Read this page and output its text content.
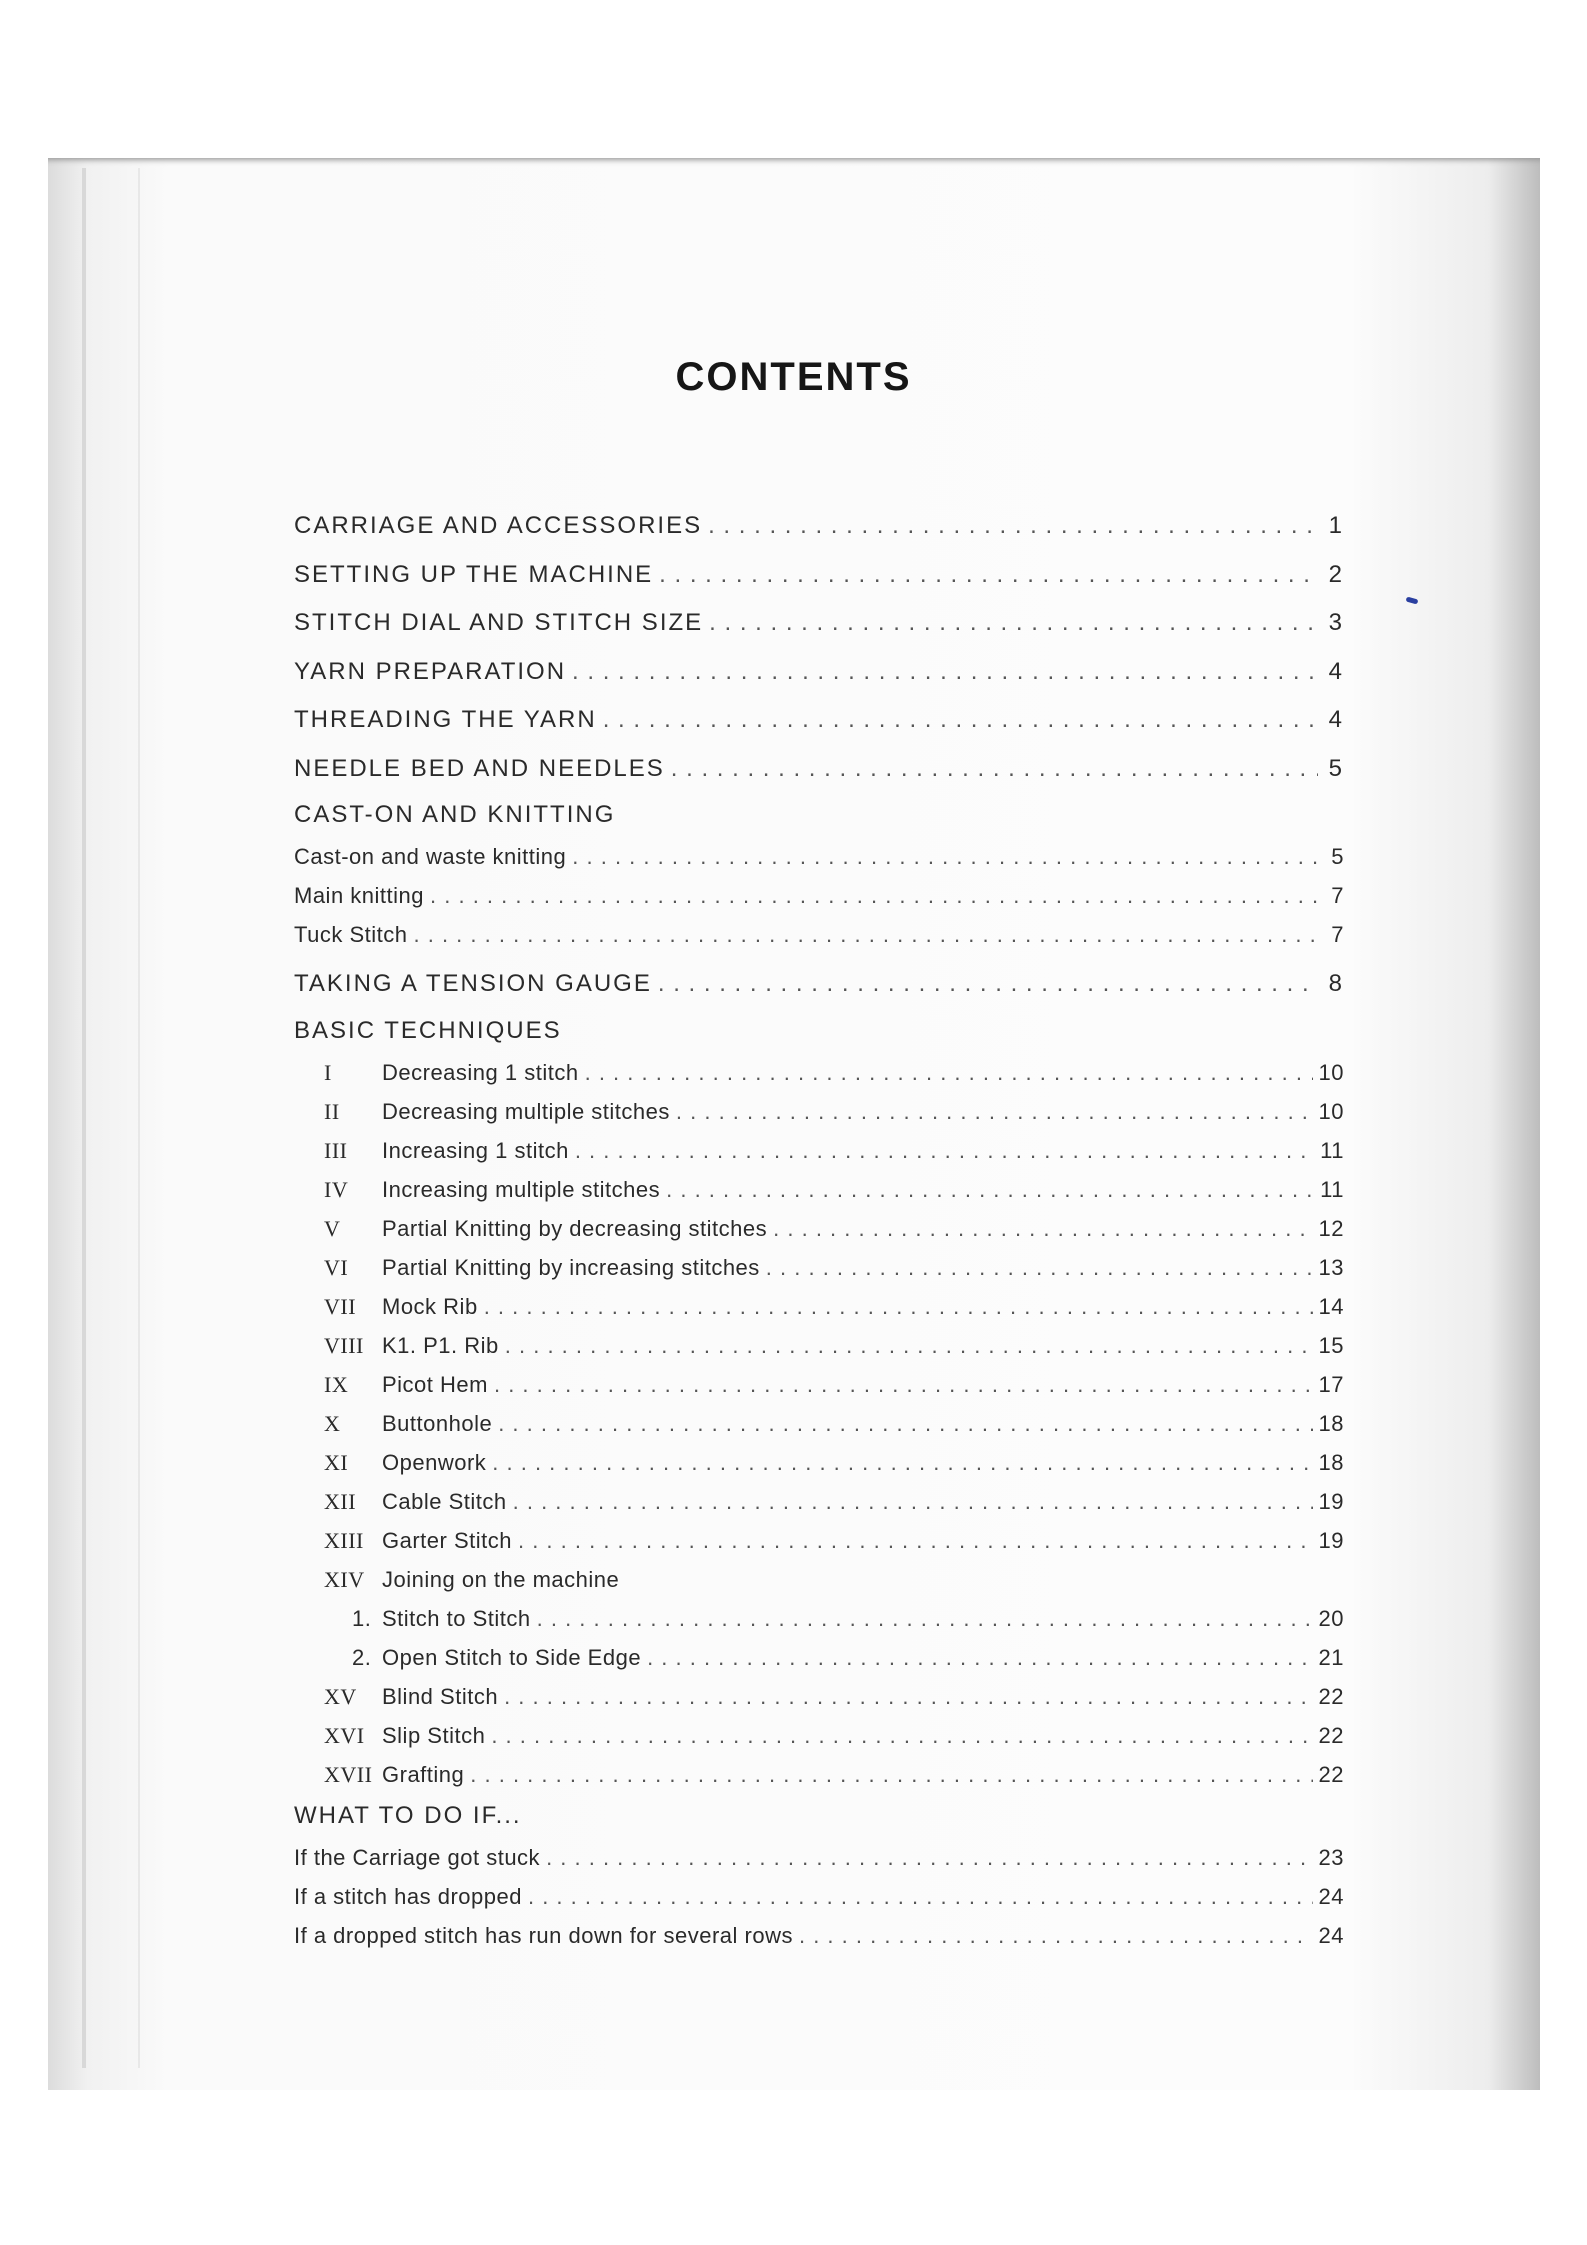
CONTENTS
CARRIAGE AND ACCESSORIES . . .	1
SETTING UP THE MACHINE . . .	2
STITCH DIAL AND STITCH SIZE . . .	3
YARN PREPARATION . . .	4
THREADING THE YARN . . .	4
NEEDLE BED AND NEEDLES . . .	5
CAST-ON AND KNITTING
Cast-on and waste knitting . . .	5
Main knitting . . .	7
Tuck Stitch . . .	7
TAKING A TENSION GAUGE . . .	8
BASIC TECHNIQUES
I Decreasing 1 stitch . . .	10
II Decreasing multiple stitches . . .	10
III Increasing 1 stitch . . .	11
IV Increasing multiple stitches . . .	11
V Partial Knitting by decreasing stitches . . .	12
VI Partial Knitting by increasing stitches . . .	13
VII Mock Rib . . .	14
VIII K1. P1. Rib . . .	15
IX Picot Hem . . .	17
X Buttonhole . . .	18
XI Openwork . . .	18
XII Cable Stitch . . .	19
XIII Garter Stitch . . .	19
XIV Joining on the machine
1. Stitch to Stitch . . .	20
2. Open Stitch to Side Edge . . .	21
XV Blind Stitch . . .	22
XVI Slip Stitch . . .	22
XVII Grafting . . .	22
WHAT TO DO IF...
If the Carriage got stuck . . .	23
If a stitch has dropped . . .	24
If a dropped stitch has run down for several rows . . .	24
